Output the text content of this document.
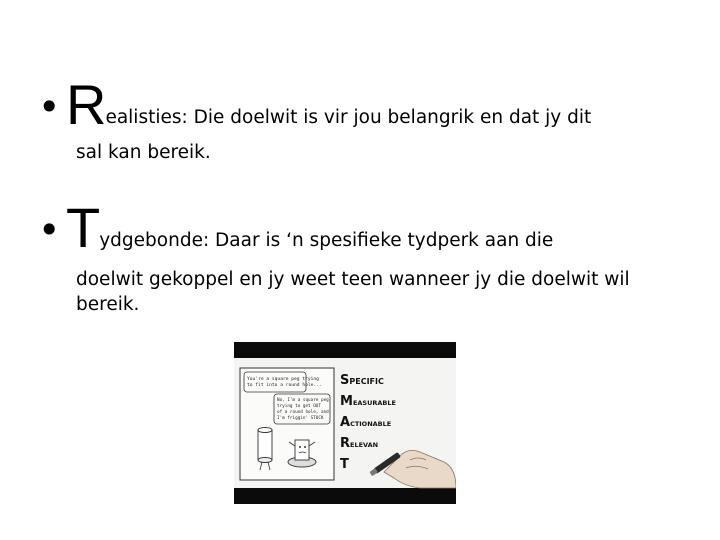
• R ealisties: Die doelwit is vir jou belangrik en dat jy dit
sal kan bereik.
• T ydgebonde: Daar is ‘n spesifieke tydperk aan die
doelwit gekoppel en jy weet teen wanneer jy die doelwit wil bereik.
You're a square peg trying
to fit into a round hole...
No, I'm a square peg
trying to get OUT
of a round hole, and
I'm friggin' STUCK
SPECIFIC
MEASURABLE
ACTIONABLE
RELEVAN
T
